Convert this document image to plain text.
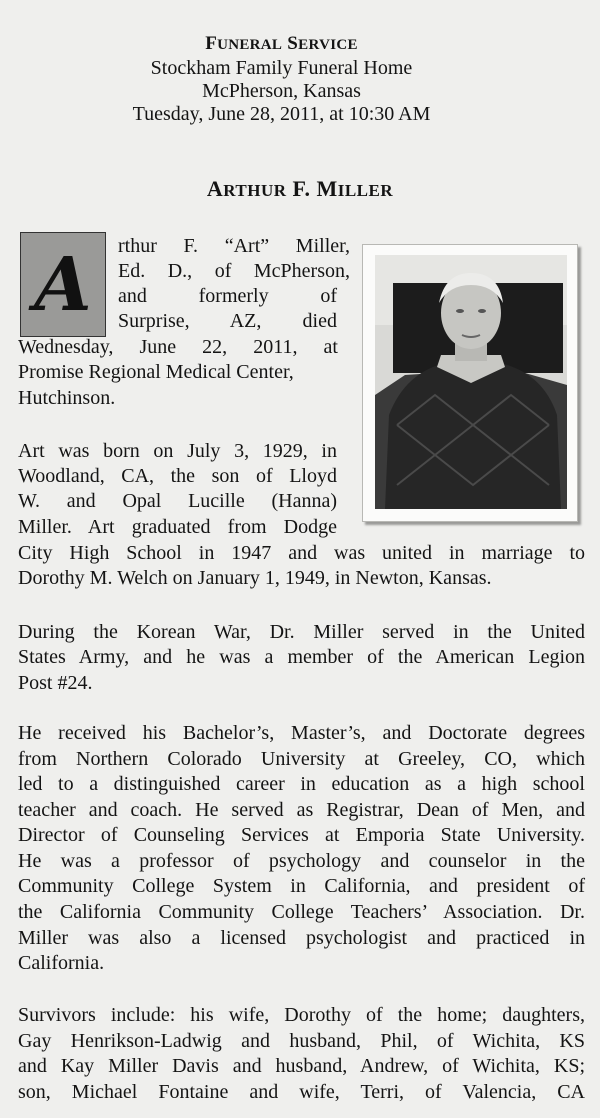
FUNERAL SERVICE
Stockham Family Funeral Home
McPherson, Kansas
Tuesday, June 28, 2011, at 10:30 AM
ARTHUR F. MILLER
A	rthur F. “Art” Miller,
Ed. D., of McPherson,
and formerly of
Surprise, AZ, died
Wednesday, June 22, 2011, at
Promise Regional Medical Center,
Hutchinson.
Art was born on July 3, 1929, in
Woodland, CA, the son of Lloyd
W. and Opal Lucille (Hanna)
Miller. Art graduated from Dodge
City High School in 1947 and was united in marriage to
Dorothy M. Welch on January 1, 1949, in Newton, Kansas.
During the Korean War, Dr. Miller served in the United
States Army, and he was a member of the American Legion
Post #24.
He received his Bachelor’s, Master’s, and Doctorate degrees
from Northern Colorado University at Greeley, CO, which
led to a distinguished career in education as a high school
teacher and coach. He served as Registrar, Dean of Men, and
Director of Counseling Services at Emporia State University.
He was a professor of psychology and counselor in the
Community College System in California, and president of
the California Community College Teachers’ Association. Dr.
Miller was also a licensed psychologist and practiced in
California.
Survivors include: his wife, Dorothy of the home; daughters,
Gay Henrikson-Ladwig and husband, Phil, of Wichita, KS
and Kay Miller Davis and husband, Andrew, of Wichita, KS;
son, Michael Fontaine and wife, Terri, of Valencia, CA
